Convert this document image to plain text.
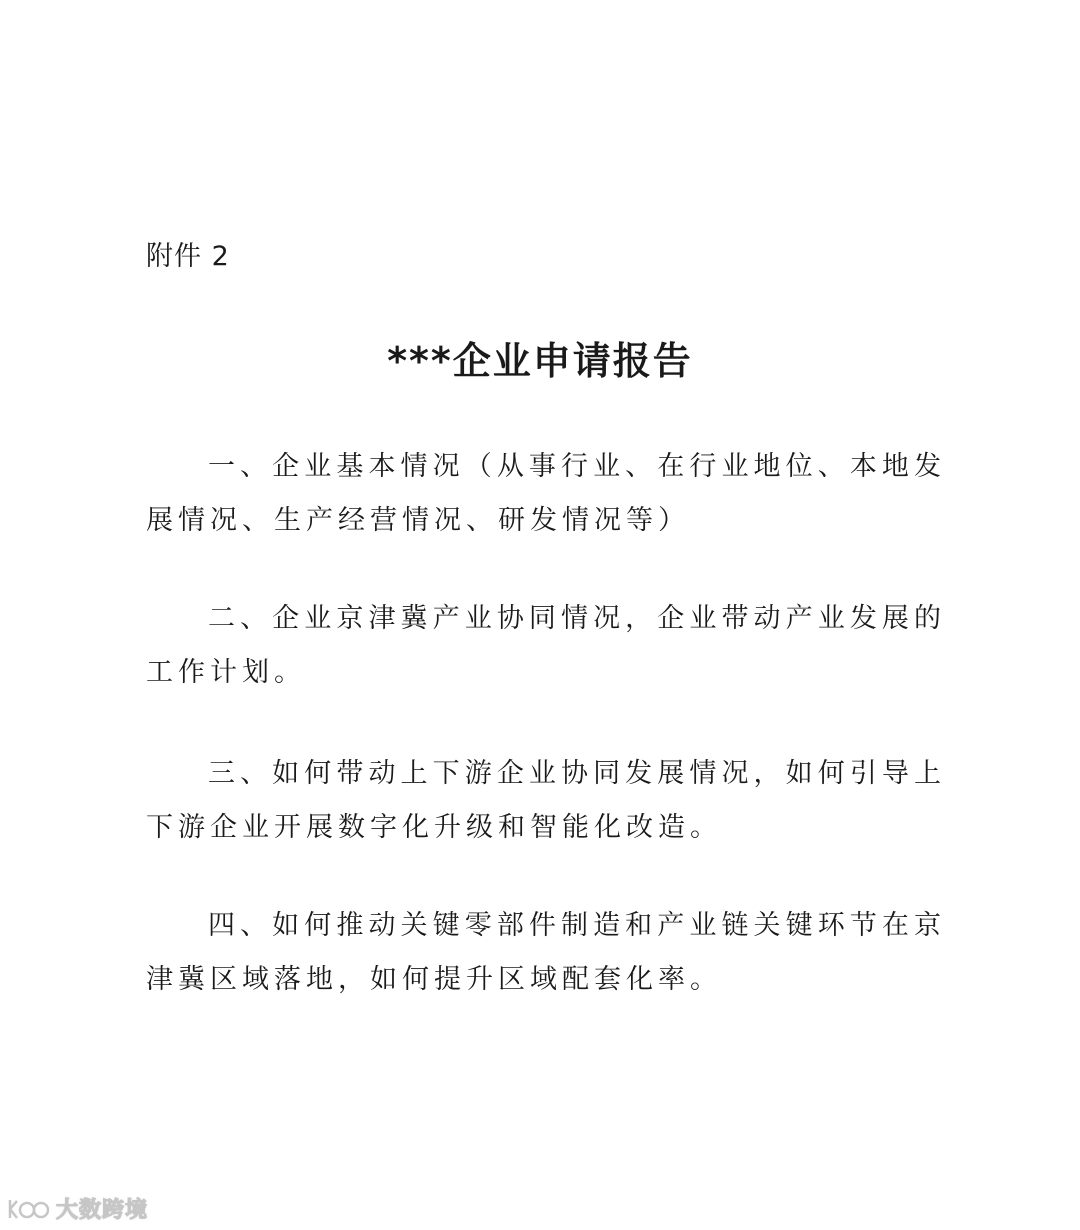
附件 2
***企业申请报告

一、企业基本情况（从事行业、在行业地位、本地发展情况、生产经营情况、研发情况等）

二、企业京津冀产业协同情况，企业带动产业发展的工作计划。

三、如何带动上下游企业协同发展情况，如何引导上下游企业开展数字化升级和智能化改造。

四、如何推动关键零部件制造和产业链关键环节在京津冀区域落地，如何提升区域配套化率。

大数跨境
